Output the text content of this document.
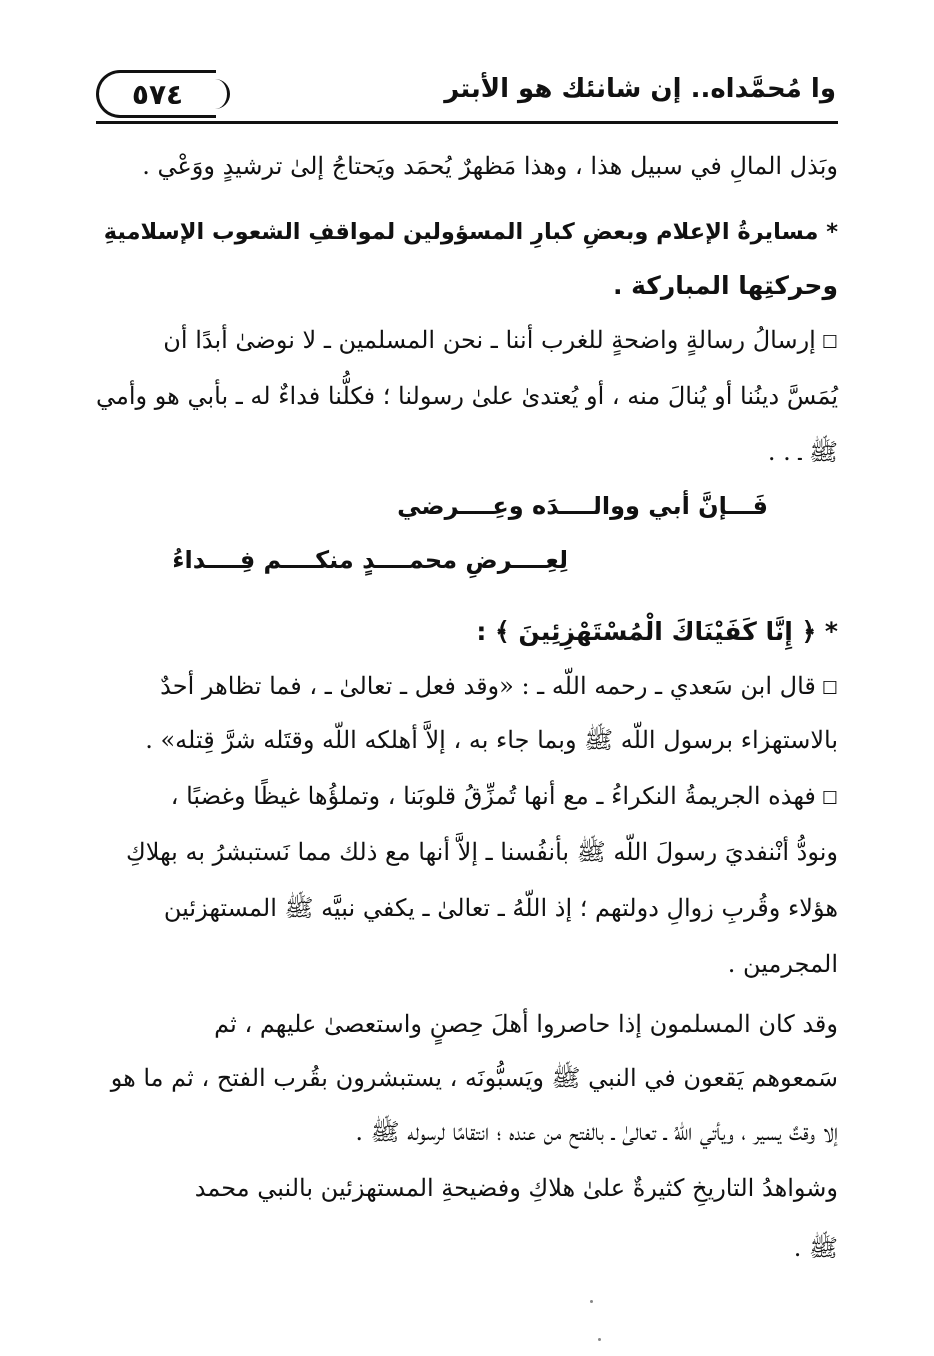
وا مُحمَّداه.. إن شانئك هو الأبتر
٥٧٤
وبَذل المالِ في سبيل هذا ، وهذا مَظهرٌ يُحمَد ويَحتاجُ إلىٰ ترشيدٍ ووَعْي .
* مسايرةُ الإعلام وبعضِ كبارِ المسؤولين لمواقفِ الشعوب الإسلاميةِ
وحركتِها المباركة .
☐إرسالُ رسالةٍ واضحةٍ للغرب أننا ـ نحن المسلمين ـ لا نوضىٰ أبدًا أن
يُمَسَّ دينُنا أو يُنالَ منه ، أو يُعتدىٰ علىٰ رسولنا ؛ فكلُّنا فداءٌ له ـ بأبي هو وأمي
ﷺ ـ . .
* ﴿ إِنَّا كَفَيْنَاكَ الْمُسْتَهْزِئِينَ ﴾ :
☐قال ابن سَعدي ـ رحمه اللّه ـ : «وقد فعل ـ تعالىٰ ـ ، فما تظاهر أحدٌ
بالاستهزاء برسول اللّه ﷺ وبما جاء به ، إلاَّ أهلكه اللّه وقتَله شرَّ قِتله» .
☐فهذه الجريمةُ النكراءُ ـ مع أنها تُمزِّقُ قلوبَنا ، وتملؤُها غيظًا وغضبًا ،
ونودُّ أنْنفديَ رسولَ اللّه ﷺ بأنفُسنا ـ إلاَّ أنها مع ذلك مما نَستبشرُ به بهلاكِ
هؤلاء وقُربِ زوالِ دولتهم ؛ إذ اللّهُ ـ تعالىٰ ـ يكفي نبيَّه ﷺ المستهزئين
المجرمين .
وقد كان المسلمون إذا حاصروا أهلَ حِصنٍ واستعصىٰ عليهم ، ثم
سَمعوهم يَقعون في النبي ﷺ ويَسبُّونَه ، يستبشرون بقُرب الفتح ، ثم ما هو
إلا وقتٌ يسير ، ويأتي اللّهُ ـ تعالىٰ ـ بالفتح من عنده ؛ انتقامًا لرسوله ﷺ .
وشواهدُ التاريخِ كثيرةٌ علىٰ هلاكِ وفضيحةِ المستهزئين بالنبي محمد
ﷺ .
فَـــإنَّ أبي ووالــــدَه وعِــــرضي
لِعِــــرضِ محمــــدٍ منكــــم فِــــداءُ
